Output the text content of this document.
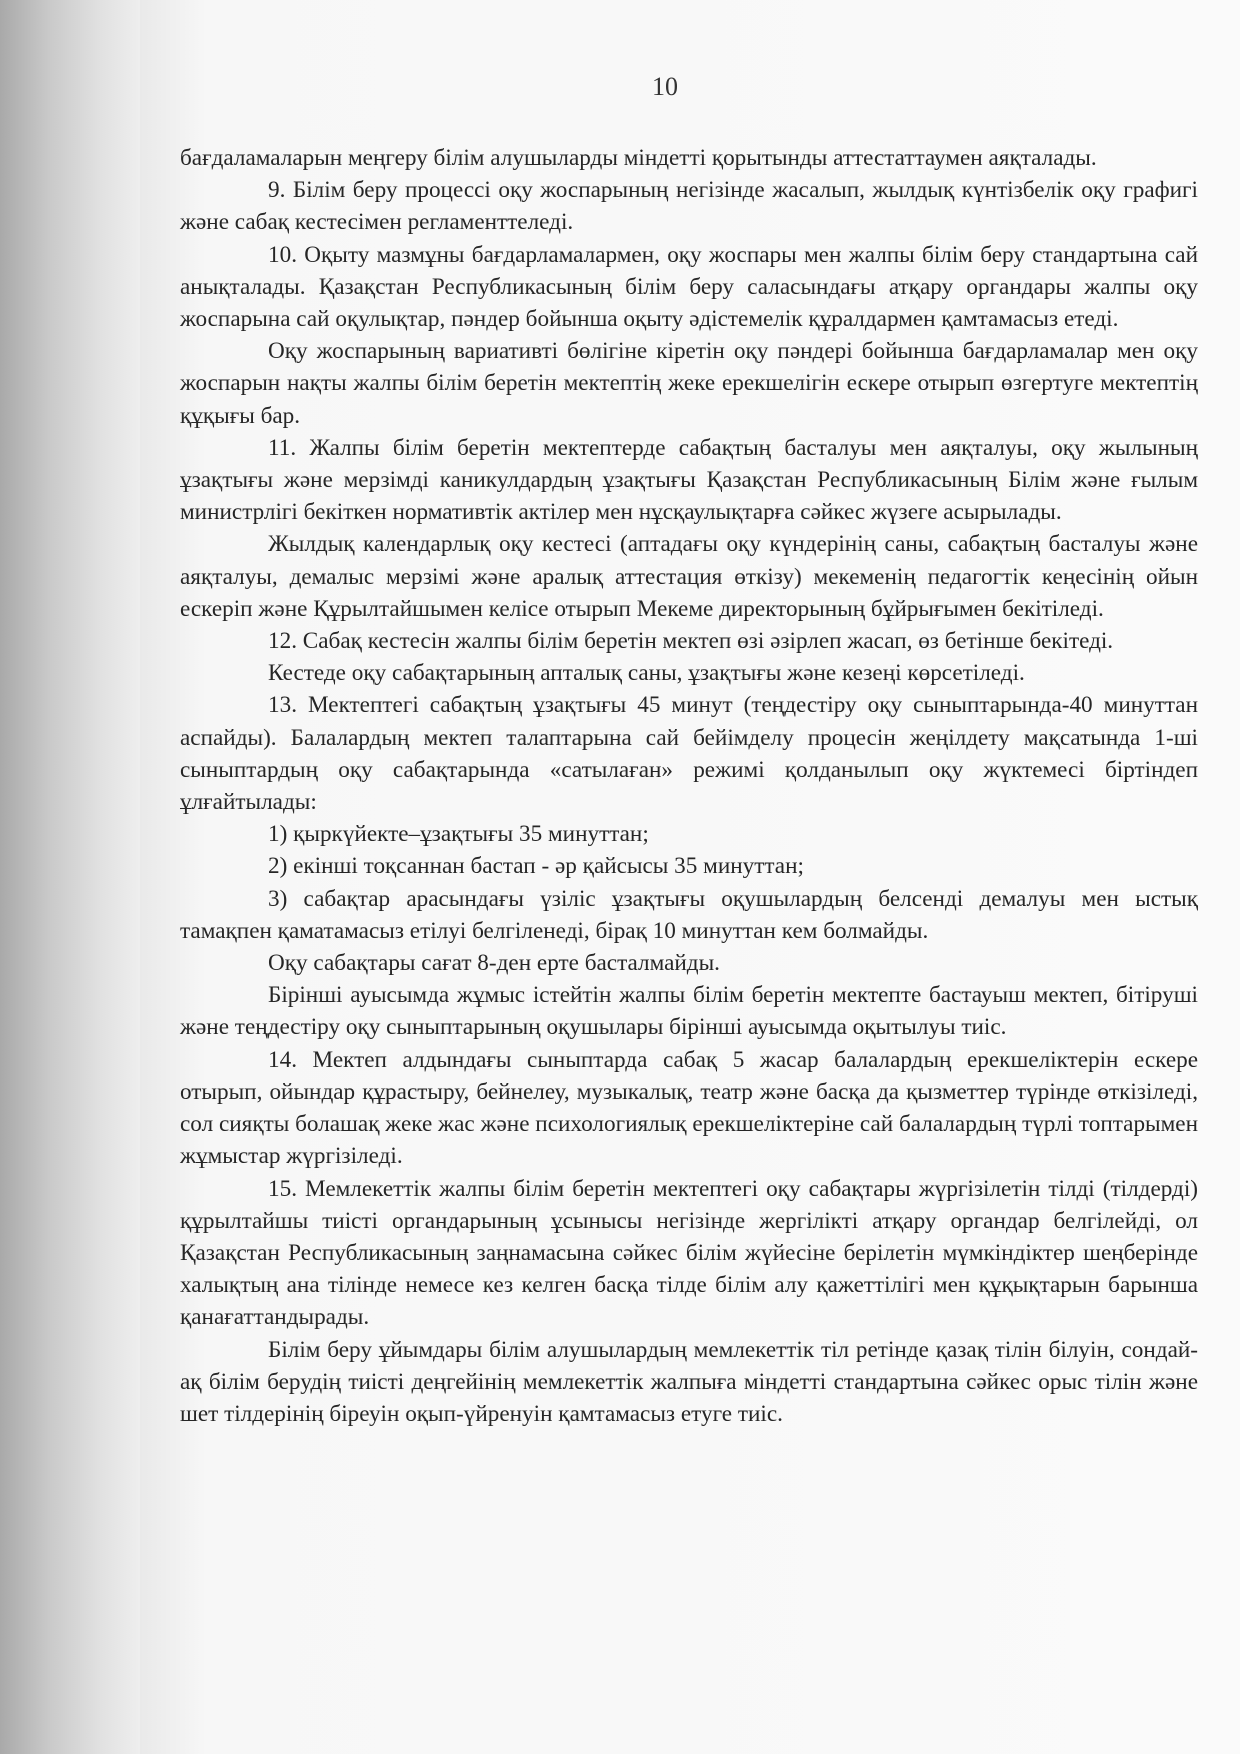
10

бағдаламаларын меңгеру білім алушыларды міндетті қорытынды аттестаттаумен аяқталады.

9. Білім беру процессі оқу жоспарының негізінде жасалып, жылдық күнтізбелік оқу графигі және сабақ кестесімен регламенттеледі.

10. Оқыту мазмұны бағдарламалармен, оқу жоспары мен жалпы білім беру стандартына сай анықталады. Қазақстан Республикасының білім беру саласындағы атқару органдары жалпы оқу жоспарына сай оқулықтар, пәндер бойынша оқыту әдістемелік құралдармен қамтамасыз етеді.

Оқу жоспарының вариативті бөлігіне кіретін оқу пәндері бойынша бағдарламалар мен оқу жоспарын нақты жалпы білім беретін мектептің жеке ерекшелігін ескере отырып өзгертуге мектептің құқығы бар.

11. Жалпы білім беретін мектептерде сабақтың басталуы мен аяқталуы, оқу жылының ұзақтығы және мерзімді каникулдардың ұзақтығы Қазақстан Республикасының Білім және ғылым министрлігі бекіткен нормативтік актілер мен нұсқаулықтарға сәйкес жүзеге асырылады.

Жылдық календарлық оқу кестесі (аптадағы оқу күндерінің саны, сабақтың басталуы және аяқталуы, демалыс мерзімі және аралық аттестация өткізу) мекеменің педагогтік кеңесінің ойын ескеріп және Құрылтайшымен келісе отырып Мекеме директорының бұйрығымен бекітіледі.

12. Сабақ кестесін жалпы білім беретін мектеп өзі әзірлеп жасап, өз бетінше бекітеді.

Кестеде оқу сабақтарының апталық саны, ұзақтығы және кезеңі көрсетіледі.

13. Мектептегі сабақтың ұзақтығы 45 минут (теңдестіру оқу сыныптарында-40 минуттан аспайды). Балалардың мектеп талаптарына сай бейімделу процесін жеңілдету мақсатында 1-ші сыныптардың оқу сабақтарында «сатылаған» режимі қолданылып оқу жүктемесі біртіндеп ұлғайтылады:

1) қыркүйекте–ұзақтығы 35 минуттан;

2) екінші тоқсаннан бастап - әр қайсысы 35 минуттан;

3) сабақтар арасындағы үзіліс ұзақтығы оқушылардың белсенді демалуы мен ыстық тамақпен қаматамасыз етілуі белгіленеді, бірақ 10 минуттан кем болмайды.

Оқу сабақтары сағат 8-ден ерте басталмайды.

Бірінші ауысымда жұмыс істейтін жалпы білім беретін мектепте бастауыш мектеп, бітіруші және теңдестіру оқу сыныптарының оқушылары бірінші ауысымда оқытылуы тиіс.

14. Мектеп алдындағы сыныптарда сабақ 5 жасар балалардың ерекшеліктерін ескере отырып, ойындар құрастыру, бейнелеу, музыкалық, театр және басқа да қызметтер түрінде өткізіледі, сол сияқты болашақ жеке жас және психологиялық ерекшеліктеріне сай балалардың түрлі топтарымен жұмыстар жүргізіледі.

15. Мемлекеттік жалпы білім беретін мектептегі оқу сабақтары жүргізілетін тілді (тілдерді) құрылтайшы тиісті органдарының ұсынысы негізінде жергілікті атқару органдар белгілейді, ол Қазақстан Республикасының заңнамасына сәйкес білім жүйесіне берілетін мүмкіндіктер шеңберінде халықтың ана тілінде немесе кез келген басқа тілде білім алу қажеттілігі мен құқықтарын барынша қанағаттандырады.

Білім беру ұйымдары білім алушылардың мемлекеттік тіл ретінде қазақ тілін білуін, сондай-ақ білім берудің тиісті деңгейінің мемлекеттік жалпыға міндетті стандартына сәйкес орыс тілін және шет тілдерінің біреуін оқып-үйренуін қамтамасыз етуге тиіс.
